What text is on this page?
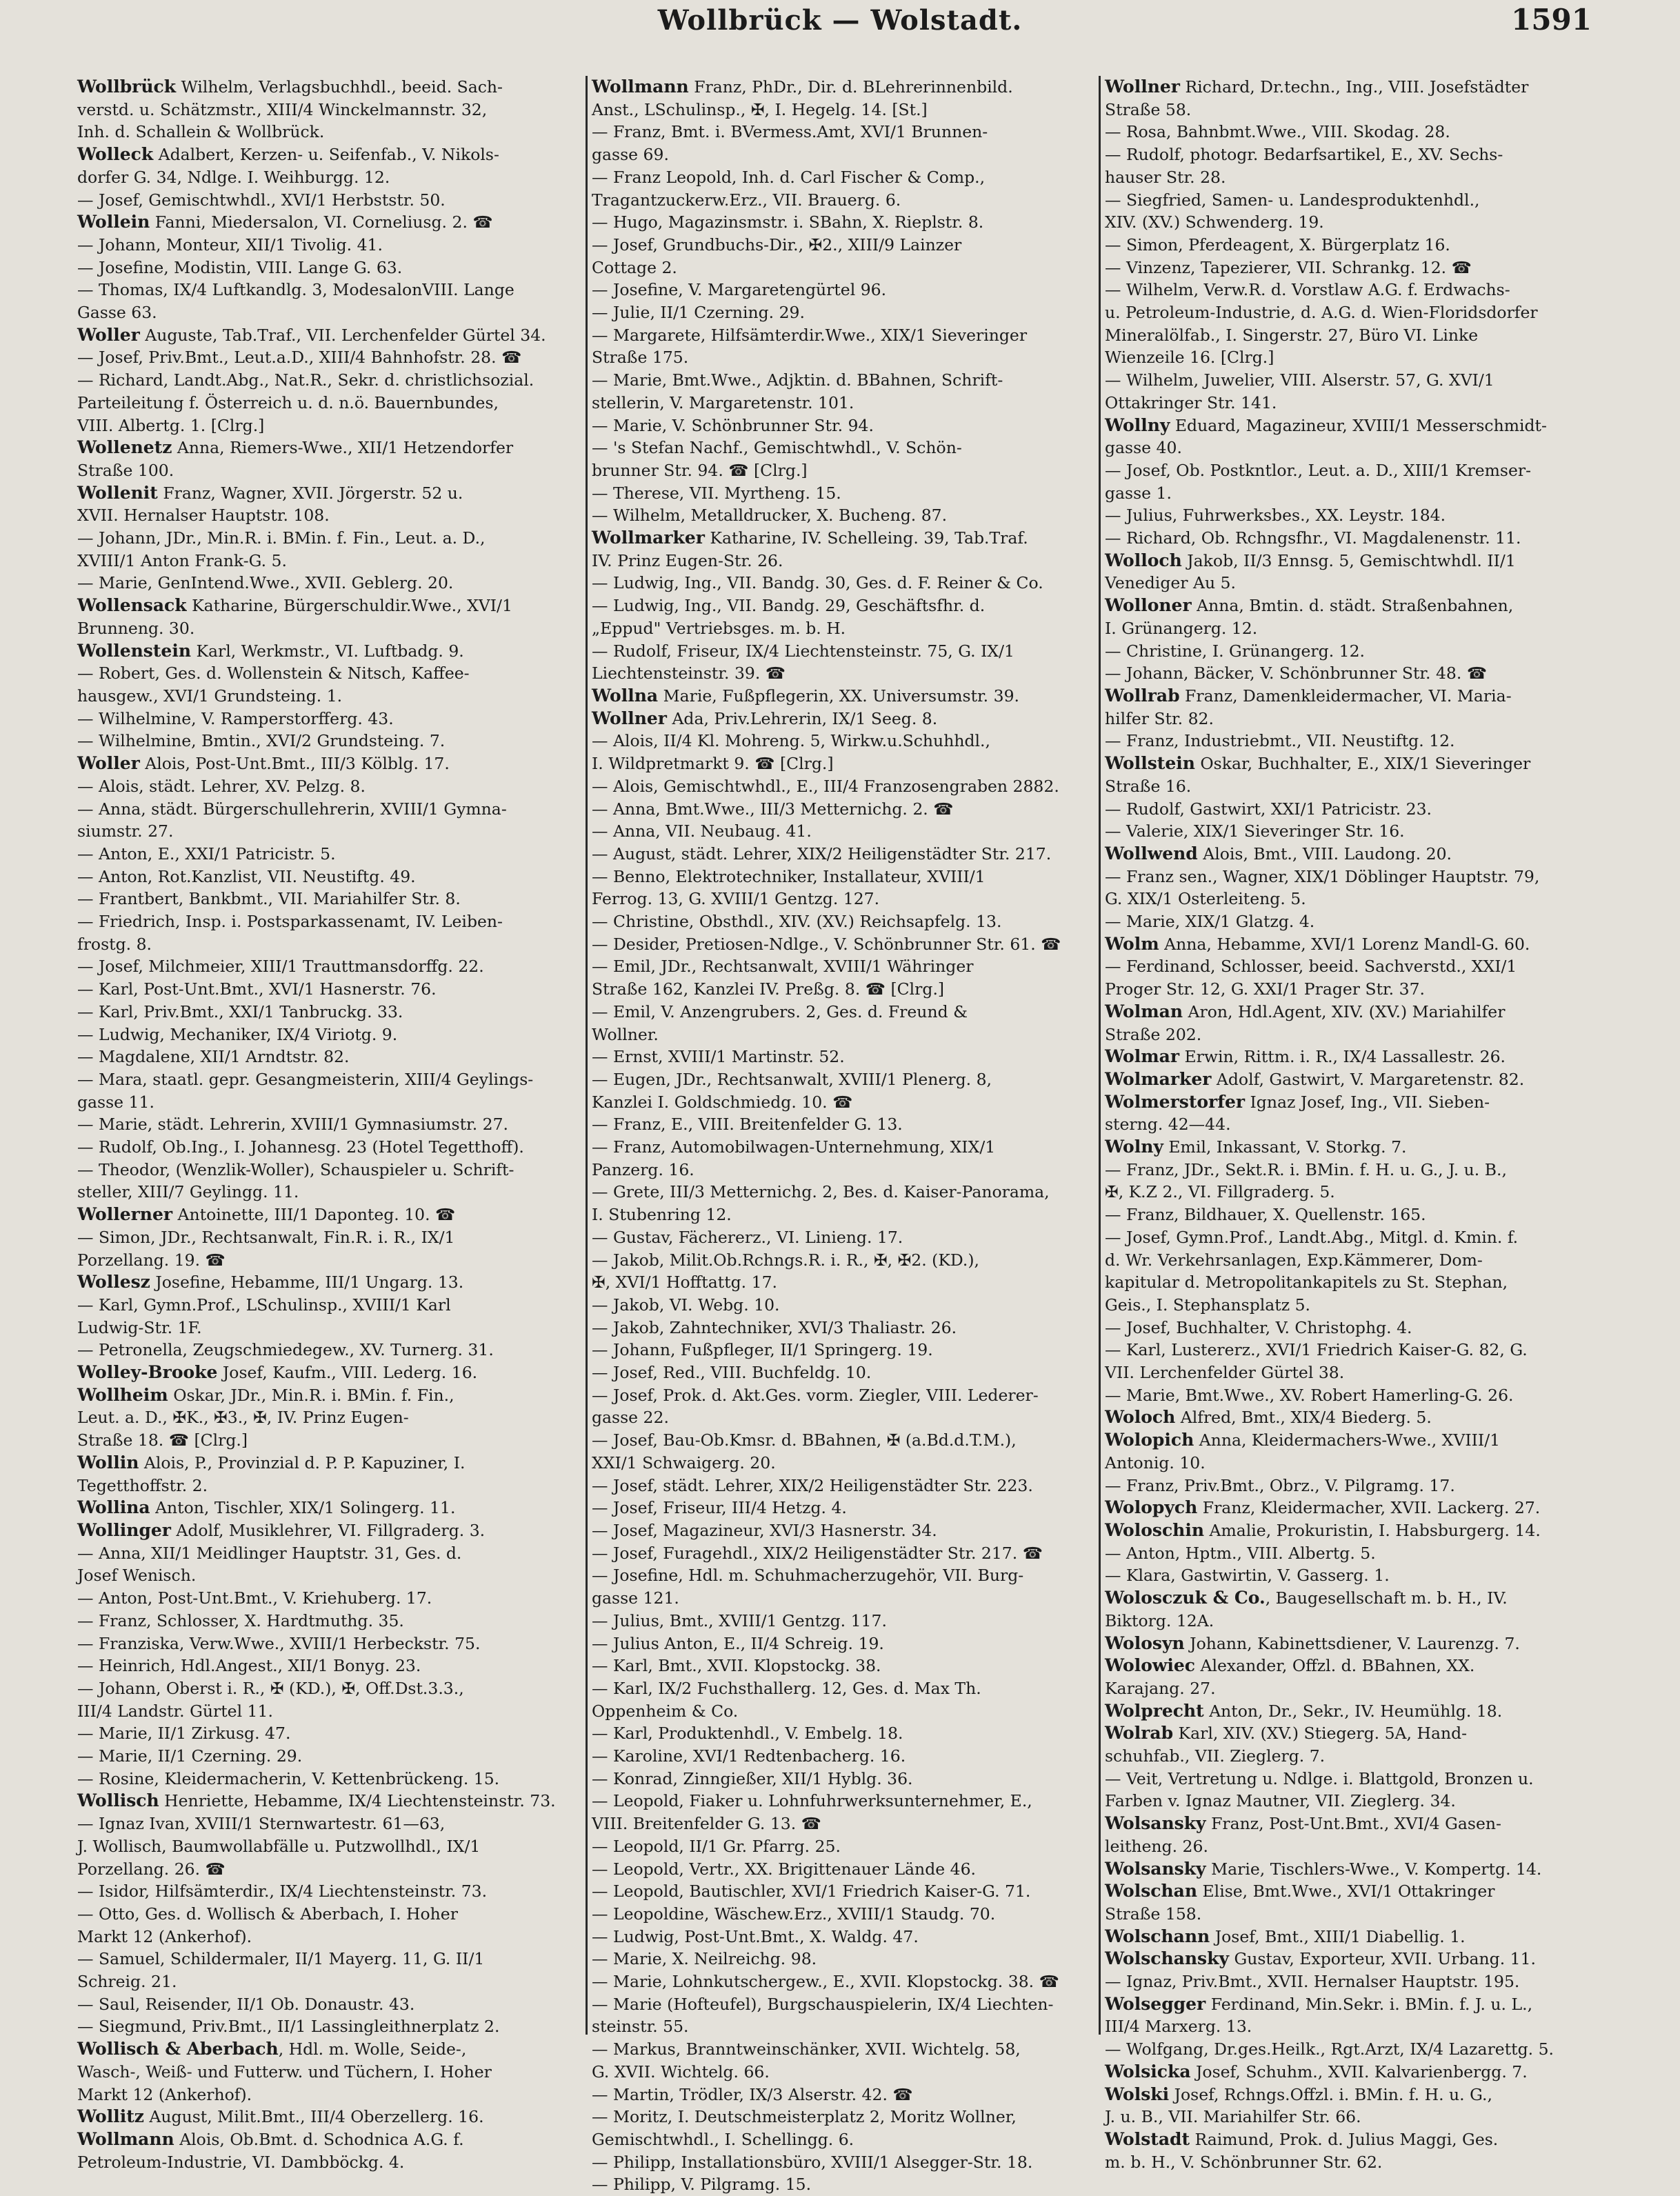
Wollbrück — Wolstadt.	1591
Wollbrück Wilhelm, Verlagsbuchhdl., beeid. Sach-
verstd. u. Schätzmstr., XIII/4 Winckelmannstr. 32,
Inh. d. Schallein & Wollbrück.
Wolleck Adalbert, Kerzen- u. Seifenfab., V. Nikols-
dorfer G. 34, Ndlge. I. Weihburgg. 12.
— Josef, Gemischtwhdl., XVI/1 Herbststr. 50.
Wollein Fanni, Miedersalon, VI. Corneliusg. 2. ☎
— Johann, Monteur, XII/1 Tivolig. 41.
— Josefine, Modistin, VIII. Lange G. 63.
— Thomas, IX/4 Luftkandlg. 3, ModesalonVIII. Lange
Gasse 63.
Woller Auguste, Tab.Traf., VII. Lerchenfelder Gürtel 34.
— Josef, Priv.Bmt., Leut.a.D., XIII/4 Bahnhofstr. 28. ☎
— Richard, Landt.Abg., Nat.R., Sekr. d. christlichsozial.
Parteileitung f. Österreich u. d. n.ö. Bauernbundes,
VIII. Albertg. 1. [Clrg.]
Wollenetz Anna, Riemers-Wwe., XII/1 Hetzendorfer
Straße 100.
Wollenit Franz, Wagner, XVII. Jörgerstr. 52 u.
XVII. Hernalser Hauptstr. 108.
— Johann, JDr., Min.R. i. BMin. f. Fin., Leut. a. D.,
XVIII/1 Anton Frank-G. 5.
— Marie, GenIntend.Wwe., XVII. Geblerg. 20.
Wollensack Katharine, Bürgerschuldir.Wwe., XVI/1
Brunneng. 30.
Wollenstein Karl, Werkmstr., VI. Luftbadg. 9.
— Robert, Ges. d. Wollenstein & Nitsch, Kaffee-
hausgew., XVI/1 Grundsteing. 1.
— Wilhelmine, V. Ramperstorfferg. 43.
— Wilhelmine, Bmtin., XVI/2 Grundsteing. 7.
Woller Alois, Post-Unt.Bmt., III/3 Kölblg. 17.
— Alois, städt. Lehrer, XV. Pelzg. 8.
— Anna, städt. Bürgerschullehrerin, XVIII/1 Gymna-
siumstr. 27.
— Anton, E., XXI/1 Patricistr. 5.
— Anton, Rot.Kanzlist, VII. Neustiftg. 49.
— Frantbert, Bankbmt., VII. Mariahilfer Str. 8.
— Friedrich, Insp. i. Postsparkassenamt, IV. Leiben-
frostg. 8.
— Josef, Milchmeier, XIII/1 Trauttmansdorffg. 22.
— Karl, Post-Unt.Bmt., XVI/1 Hasnerstr. 76.
— Karl, Priv.Bmt., XXI/1 Tanbruckg. 33.
— Ludwig, Mechaniker, IX/4 Viriotg. 9.
— Magdalene, XII/1 Arndtstr. 82.
— Mara, staatl. gepr. Gesangmeisterin, XIII/4 Geylings-
gasse 11.
— Marie, städt. Lehrerin, XVIII/1 Gymnasiumstr. 27.
— Rudolf, Ob.Ing., I. Johannesg. 23 (Hotel Tegetthoff).
— Theodor, (Wenzlik-Woller), Schauspieler u. Schrift-
steller, XIII/7 Geylingg. 11.
Wollerner Antoinette, III/1 Daponteg. 10. ☎
— Simon, JDr., Rechtsanwalt, Fin.R. i. R., IX/1
Porzellang. 19. ☎
Wollesz Josefine, Hebamme, III/1 Ungarg. 13.
— Karl, Gymn.Prof., LSchulinsp., XVIII/1 Karl
Ludwig-Str. 1F.
— Petronella, Zeugschmiedegew., XV. Turnerg. 31.
Wolley-Brooke Josef, Kaufm., VIII. Lederg. 16.
Wollheim Oskar, JDr., Min.R. i. BMin. f. Fin.,
Leut. a. D., ✠K., ✠3., ✠, IV. Prinz Eugen-
Straße 18. ☎ [Clrg.]
Wollin Alois, P., Provinzial d. P. P. Kapuziner, I.
Tegetthoffstr. 2.
Wollina Anton, Tischler, XIX/1 Solingerg. 11.
Wollinger Adolf, Musiklehrer, VI. Fillgraderg. 3.
— Anna, XII/1 Meidlinger Hauptstr. 31, Ges. d.
Josef Wenisch.
— Anton, Post-Unt.Bmt., V. Kriehuberg. 17.
— Franz, Schlosser, X. Hardtmuthg. 35.
— Franziska, Verw.Wwe., XVIII/1 Herbeckstr. 75.
— Heinrich, Hdl.Angest., XII/1 Bonyg. 23.
— Johann, Oberst i. R., ✠ (KD.), ✠, Off.Dst.3.3.,
III/4 Landstr. Gürtel 11.
— Marie, II/1 Zirkusg. 47.
— Marie, II/1 Czerning. 29.
— Rosine, Kleidermacherin, V. Kettenbrückeng. 15.
Wollisch Henriette, Hebamme, IX/4 Liechtensteinstr. 73.
— Ignaz Ivan, XVIII/1 Sternwartestr. 61—63,
J. Wollisch, Baumwollabfälle u. Putzwollhdl., IX/1
Porzellang. 26. ☎
— Isidor, Hilfsämterdir., IX/4 Liechtensteinstr. 73.
— Otto, Ges. d. Wollisch & Aberbach, I. Hoher
Markt 12 (Ankerhof).
— Samuel, Schildermaler, II/1 Mayerg. 11, G. II/1
Schreig. 21.
— Saul, Reisender, II/1 Ob. Donaustr. 43.
— Siegmund, Priv.Bmt., II/1 Lassingleithnerplatz 2.
Wollisch & Aberbach, Hdl. m. Wolle, Seide-,
Wasch-, Weiß- und Futterw. und Tüchern, I. Hoher
Markt 12 (Ankerhof).
Wollitz August, Milit.Bmt., III/4 Oberzellerg. 16.
Wollmann Alois, Ob.Bmt. d. Schodnica A.G. f.
Petroleum-Industrie, VI. Dambböckg. 4.
Wollmann Franz, PhDr., Dir. d. BLehrerinnenbild.
Anst., LSchulinsp., ✠, I. Hegelg. 14. [St.]
— Franz, Bmt. i. BVermess.Amt, XVI/1 Brunnen-
gasse 69.
— Franz Leopold, Inh. d. Carl Fischer & Comp.,
Tragantzuckerw.Erz., VII. Brauerg. 6.
— Hugo, Magazinsmstr. i. SBahn, X. Rieplstr. 8.
— Josef, Grundbuchs-Dir., ✠2., XIII/9 Lainzer
Cottage 2.
— Josefine, V. Margaretengürtel 96.
— Julie, II/1 Czerning. 29.
— Margarete, Hilfsämterdir.Wwe., XIX/1 Sieveringer
Straße 175.
— Marie, Bmt.Wwe., Adjktin. d. BBahnen, Schrift-
stellerin, V. Margaretenstr. 101.
— Marie, V. Schönbrunner Str. 94.
— 's Stefan Nachf., Gemischtwhdl., V. Schön-
brunner Str. 94. ☎ [Clrg.]
— Therese, VII. Myrtheng. 15.
— Wilhelm, Metalldrucker, X. Bucheng. 87.
Wollmarker Katharine, IV. Schelleing. 39, Tab.Traf.
IV. Prinz Eugen-Str. 26.
— Ludwig, Ing., VII. Bandg. 30, Ges. d. F. Reiner & Co.
— Ludwig, Ing., VII. Bandg. 29, Geschäftsfhr. d.
„Eppud" Vertriebsges. m. b. H.
— Rudolf, Friseur, IX/4 Liechtensteinstr. 75, G. IX/1
Liechtensteinstr. 39. ☎
Wollna Marie, Fußpflegerin, XX. Universumstr. 39.
Wollner Ada, Priv.Lehrerin, IX/1 Seeg. 8.
— Alois, II/4 Kl. Mohreng. 5, Wirkw.u.Schuhhdl.,
I. Wildpretmarkt 9. ☎ [Clrg.]
— Alois, Gemischtwhdl., E., III/4 Franzosengraben 2882.
— Anna, Bmt.Wwe., III/3 Metternichg. 2. ☎
— Anna, VII. Neubaug. 41.
— August, städt. Lehrer, XIX/2 Heiligenstädter Str. 217.
— Benno, Elektrotechniker, Installateur, XVIII/1
Ferrog. 13, G. XVIII/1 Gentzg. 127.
— Christine, Obsthdl., XIV. (XV.) Reichsapfelg. 13.
— Desider, Pretiosen-Ndlge., V. Schönbrunner Str. 61. ☎
— Emil, JDr., Rechtsanwalt, XVIII/1 Währinger
Straße 162, Kanzlei IV. Preßg. 8. ☎ [Clrg.]
— Emil, V. Anzengrubers. 2, Ges. d. Freund &
Wollner.
— Ernst, XVIII/1 Martinstr. 52.
— Eugen, JDr., Rechtsanwalt, XVIII/1 Plenerg. 8,
Kanzlei I. Goldschmiedg. 10. ☎
— Franz, E., VIII. Breitenfelder G. 13.
— Franz, Automobilwagen-Unternehmung, XIX/1
Panzerg. 16.
— Grete, III/3 Metternichg. 2, Bes. d. Kaiser-Panorama,
I. Stubenring 12.
— Gustav, Fächererz., VI. Linieng. 17.
— Jakob, Milit.Ob.Rchngs.R. i. R., ✠, ✠2. (KD.),
✠, XVI/1 Hofftattg. 17.
— Jakob, VI. Webg. 10.
— Jakob, Zahntechniker, XVI/3 Thaliastr. 26.
— Johann, Fußpfleger, II/1 Springerg. 19.
— Josef, Red., VIII. Buchfeldg. 10.
— Josef, Prok. d. Akt.Ges. vorm. Ziegler, VIII. Lederer-
gasse 22.
— Josef, Bau-Ob.Kmsr. d. BBahnen, ✠ (a.Bd.d.T.M.),
XXI/1 Schwaigerg. 20.
— Josef, städt. Lehrer, XIX/2 Heiligenstädter Str. 223.
— Josef, Friseur, III/4 Hetzg. 4.
— Josef, Magazineur, XVI/3 Hasnerstr. 34.
— Josef, Furagehdl., XIX/2 Heiligenstädter Str. 217. ☎
— Josefine, Hdl. m. Schuhmacherzugehör, VII. Burg-
gasse 121.
— Julius, Bmt., XVIII/1 Gentzg. 117.
— Julius Anton, E., II/4 Schreig. 19.
— Karl, Bmt., XVII. Klopstockg. 38.
— Karl, IX/2 Fuchsthallerg. 12, Ges. d. Max Th.
Oppenheim & Co.
— Karl, Produktenhdl., V. Embelg. 18.
— Karoline, XVI/1 Redtenbacherg. 16.
— Konrad, Zinngießer, XII/1 Hyblg. 36.
— Leopold, Fiaker u. Lohnfuhrwerksunternehmer, E.,
VIII. Breitenfelder G. 13. ☎
— Leopold, II/1 Gr. Pfarrg. 25.
— Leopold, Vertr., XX. Brigittenauer Lände 46.
— Leopold, Bautischler, XVI/1 Friedrich Kaiser-G. 71.
— Leopoldine, Wäschew.Erz., XVIII/1 Staudg. 70.
— Ludwig, Post-Unt.Bmt., X. Waldg. 47.
— Marie, X. Neilreichg. 98.
— Marie, Lohnkutschergew., E., XVII. Klopstockg. 38. ☎
— Marie (Hofteufel), Burgschauspielerin, IX/4 Liechten-
steinstr. 55.
— Markus, Branntweinschänker, XVII. Wichtelg. 58,
G. XVII. Wichtelg. 66.
— Martin, Trödler, IX/3 Alserstr. 42. ☎
— Moritz, I. Deutschmeisterplatz 2, Moritz Wollner,
Gemischtwhdl., I. Schellingg. 6.
— Philipp, Installationsbüro, XVIII/1 Alsegger-Str. 18.
— Philipp, V. Pilgramg. 15.
Wollner Richard, Dr.techn., Ing., VIII. Josefstädter
Straße 58.
— Rosa, Bahnbmt.Wwe., VIII. Skodag. 28.
— Rudolf, photogr. Bedarfsartikel, E., XV. Sechs-
hauser Str. 28.
— Siegfried, Samen- u. Landesproduktenhdl.,
XIV. (XV.) Schwenderg. 19.
— Simon, Pferdeagent, X. Bürgerplatz 16.
— Vinzenz, Tapezierer, VII. Schrankg. 12. ☎
— Wilhelm, Verw.R. d. Vorstlaw A.G. f. Erdwachs-
u. Petroleum-Industrie, d. A.G. d. Wien-Floridsdorfer
Mineralölfab., I. Singerstr. 27, Büro VI. Linke
Wienzeile 16. [Clrg.]
— Wilhelm, Juwelier, VIII. Alserstr. 57, G. XVI/1
Ottakringer Str. 141.
Wollny Eduard, Magazineur, XVIII/1 Messerschmidt-
gasse 40.
— Josef, Ob. Postkntlor., Leut. a. D., XIII/1 Kremser-
gasse 1.
— Julius, Fuhrwerksbes., XX. Leystr. 184.
— Richard, Ob. Rchngsfhr., VI. Magdalenenstr. 11.
Wolloch Jakob, II/3 Ennsg. 5, Gemischtwhdl. II/1
Venediger Au 5.
Wolloner Anna, Bmtin. d. städt. Straßenbahnen,
I. Grünangerg. 12.
— Christine, I. Grünangerg. 12.
— Johann, Bäcker, V. Schönbrunner Str. 48. ☎
Wollrab Franz, Damenkleidermacher, VI. Maria-
hilfer Str. 82.
— Franz, Industriebmt., VII. Neustiftg. 12.
Wollstein Oskar, Buchhalter, E., XIX/1 Sieveringer
Straße 16.
— Rudolf, Gastwirt, XXI/1 Patricistr. 23.
— Valerie, XIX/1 Sieveringer Str. 16.
Wollwend Alois, Bmt., VIII. Laudong. 20.
— Franz sen., Wagner, XIX/1 Döblinger Hauptstr. 79,
G. XIX/1 Osterleiteng. 5.
— Marie, XIX/1 Glatzg. 4.
Wolm Anna, Hebamme, XVI/1 Lorenz Mandl-G. 60.
— Ferdinand, Schlosser, beeid. Sachverstd., XXI/1
Proger Str. 12, G. XXI/1 Prager Str. 37.
Wolman Aron, Hdl.Agent, XIV. (XV.) Mariahilfer
Straße 202.
Wolmar Erwin, Rittm. i. R., IX/4 Lassallestr. 26.
Wolmarker Adolf, Gastwirt, V. Margaretenstr. 82.
Wolmerstorfer Ignaz Josef, Ing., VII. Sieben-
sterng. 42—44.
Wolny Emil, Inkassant, V. Storkg. 7.
— Franz, JDr., Sekt.R. i. BMin. f. H. u. G., J. u. B.,
✠, K.Z 2., VI. Fillgraderg. 5.
— Franz, Bildhauer, X. Quellenstr. 165.
— Josef, Gymn.Prof., Landt.Abg., Mitgl. d. Kmin. f.
d. Wr. Verkehrsanlagen, Exp.Kämmerer, Dom-
kapitular d. Metropolitankapitels zu St. Stephan,
Geis., I. Stephansplatz 5.
— Josef, Buchhalter, V. Christophg. 4.
— Karl, Lustererz., XVI/1 Friedrich Kaiser-G. 82, G.
VII. Lerchenfelder Gürtel 38.
— Marie, Bmt.Wwe., XV. Robert Hamerling-G. 26.
Woloch Alfred, Bmt., XIX/4 Biederg. 5.
Wolopich Anna, Kleidermachers-Wwe., XVIII/1
Antonig. 10.
— Franz, Priv.Bmt., Obrz., V. Pilgramg. 17.
Wolopych Franz, Kleidermacher, XVII. Lackerg. 27.
Woloschin Amalie, Prokuristin, I. Habsburgerg. 14.
— Anton, Hptm., VIII. Albertg. 5.
— Klara, Gastwirtin, V. Gasserg. 1.
Wolosczuk & Co., Baugesellschaft m. b. H., IV.
Biktorg. 12A.
Wolosyn Johann, Kabinettsdiener, V. Laurenzg. 7.
Wolowiec Alexander, Offzl. d. BBahnen, XX.
Karajang. 27.
Wolprecht Anton, Dr., Sekr., IV. Heumühlg. 18.
Wolrab Karl, XIV. (XV.) Stiegerg. 5A, Hand-
schuhfab., VII. Zieglerg. 7.
— Veit, Vertretung u. Ndlge. i. Blattgold, Bronzen u.
Farben v. Ignaz Mautner, VII. Zieglerg. 34.
Wolsansky Franz, Post-Unt.Bmt., XVI/4 Gasen-
leitheng. 26.
Wolsansky Marie, Tischlers-Wwe., V. Kompertg. 14.
Wolschan Elise, Bmt.Wwe., XVI/1 Ottakringer
Straße 158.
Wolschann Josef, Bmt., XIII/1 Diabellig. 1.
Wolschansky Gustav, Exporteur, XVII. Urbang. 11.
— Ignaz, Priv.Bmt., XVII. Hernalser Hauptstr. 195.
Wolsegger Ferdinand, Min.Sekr. i. BMin. f. J. u. L.,
III/4 Marxerg. 13.
— Wolfgang, Dr.ges.Heilk., Rgt.Arzt, IX/4 Lazarettg. 5.
Wolsicka Josef, Schuhm., XVII. Kalvarienbergg. 7.
Wolski Josef, Rchngs.Offzl. i. BMin. f. H. u. G.,
J. u. B., VII. Mariahilfer Str. 66.
Wolstadt Raimund, Prok. d. Julius Maggi, Ges.
m. b. H., V. Schönbrunner Str. 62.
